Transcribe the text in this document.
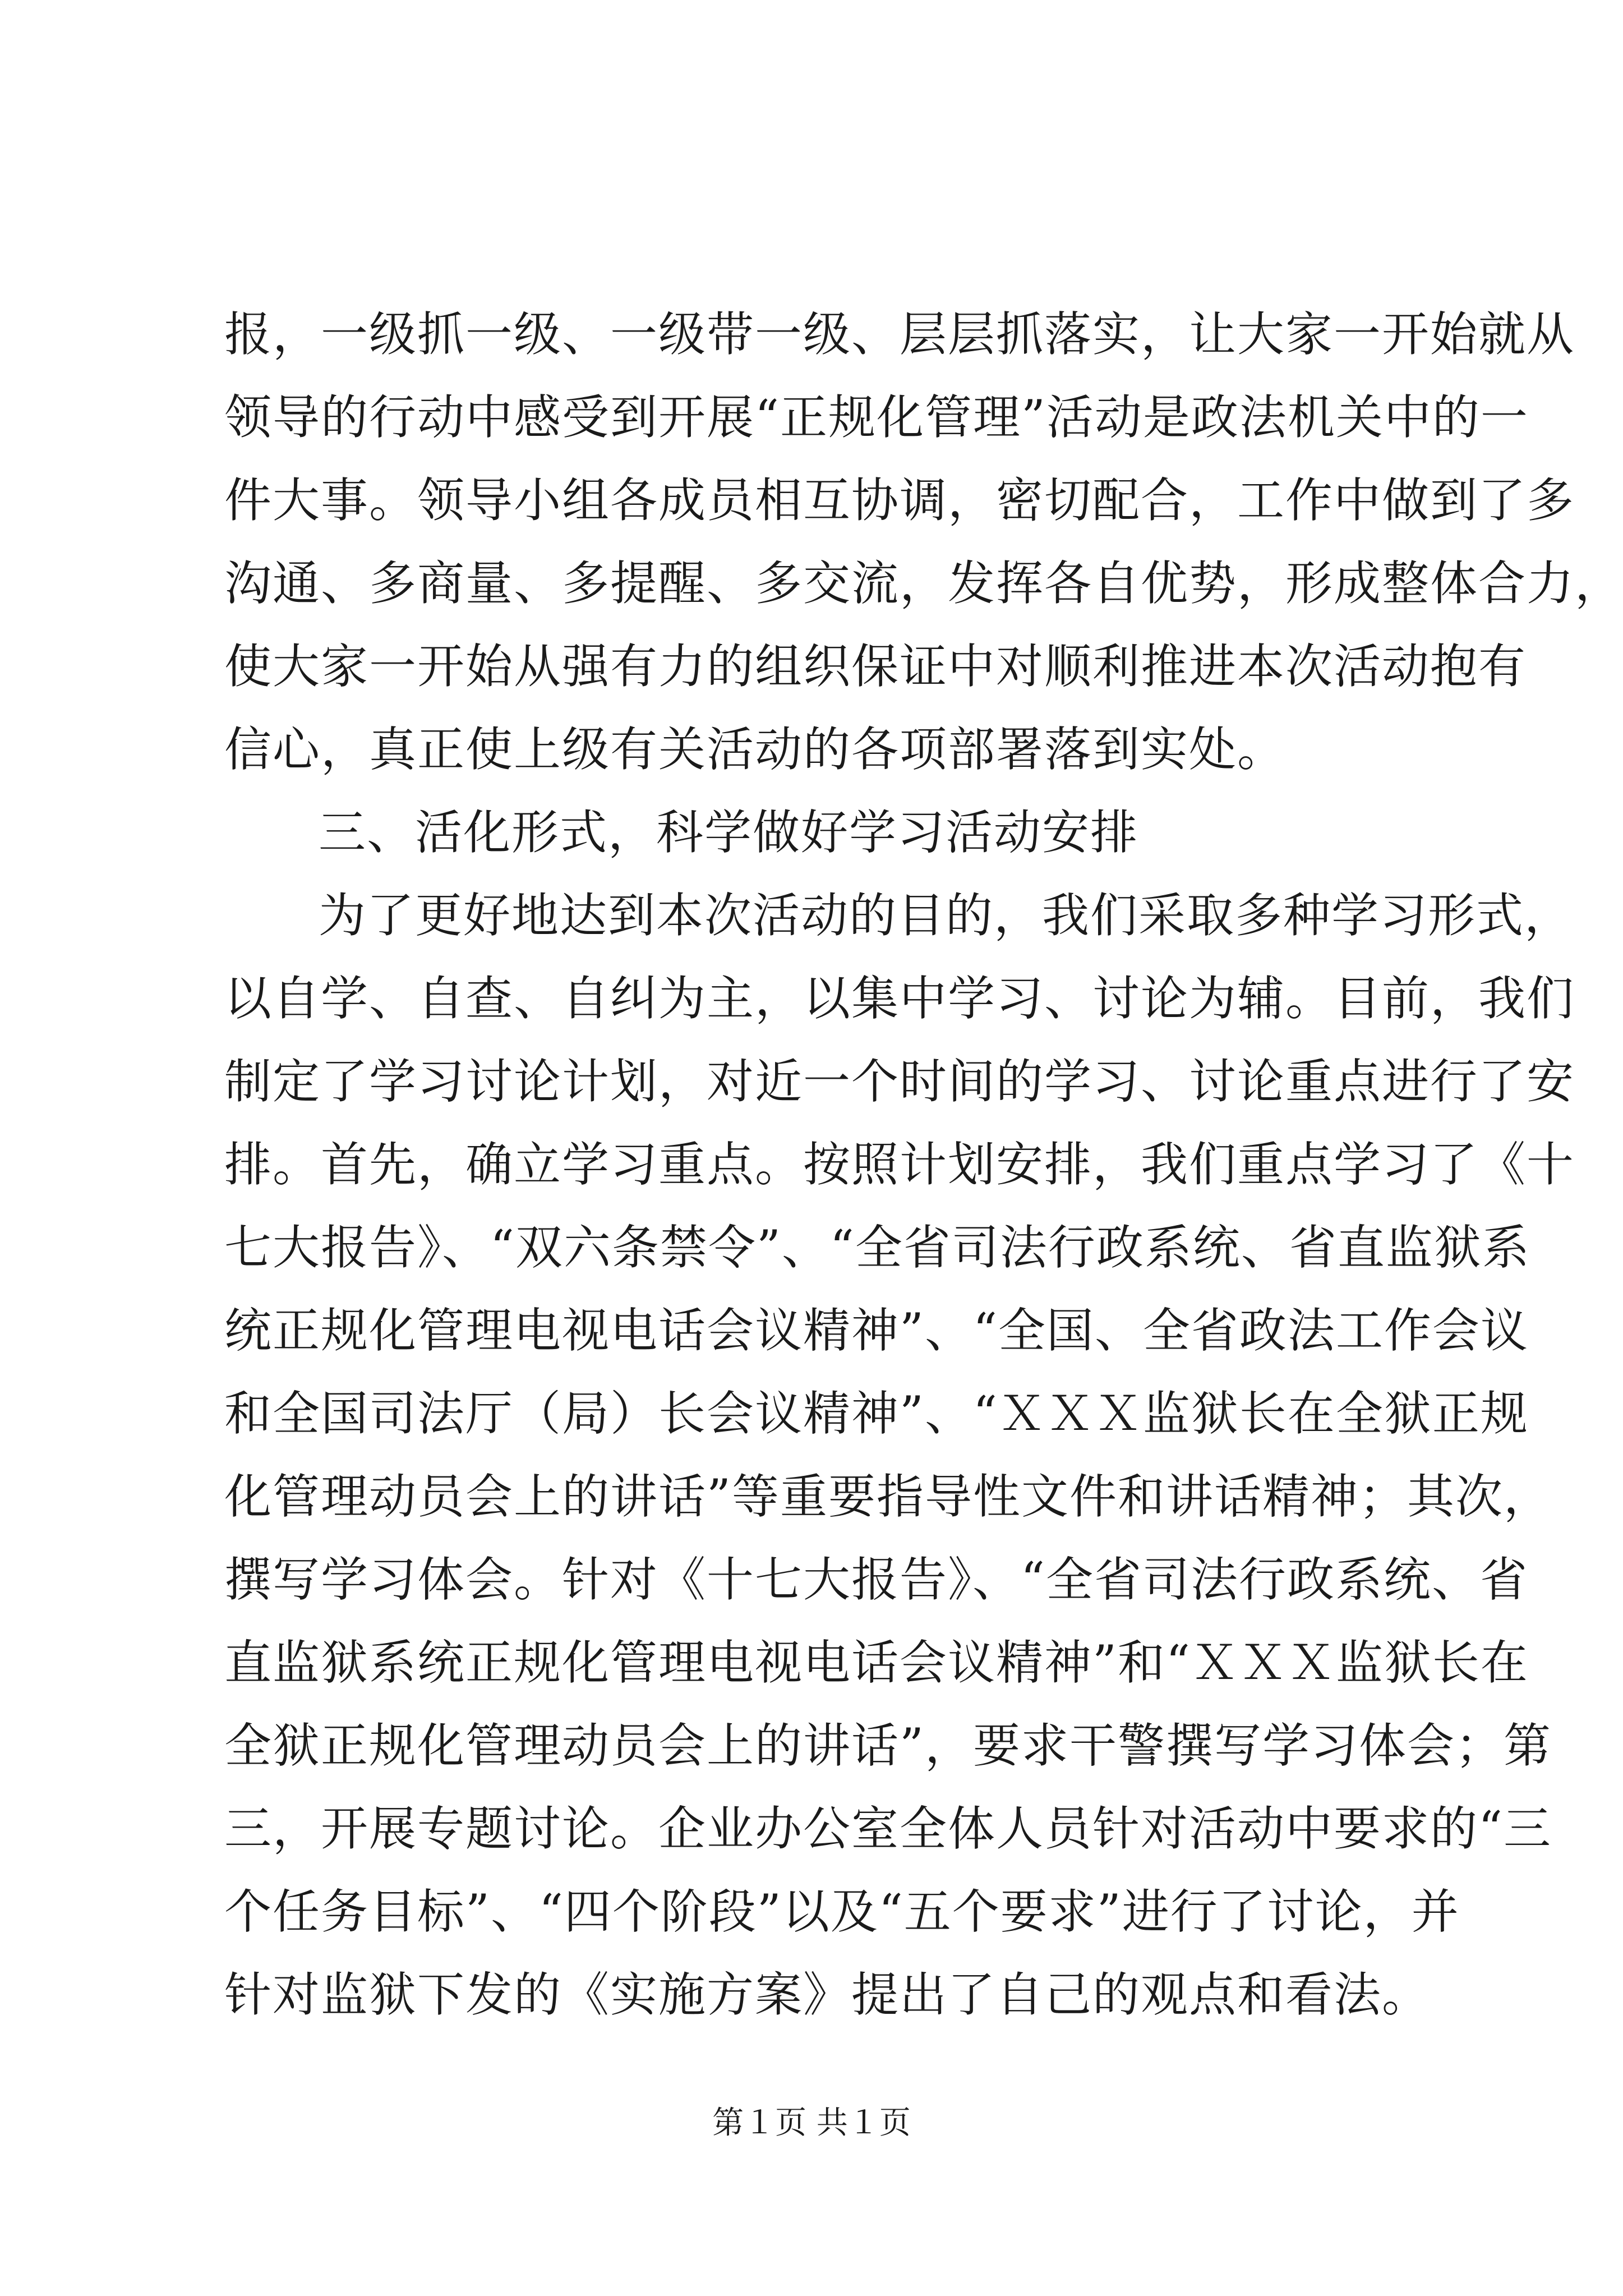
报，一级抓一级、一级带一级、层层抓落实，让大家一开始就从
领导的行动中感受到开展“正规化管理”活动是政法机关中的一
件大事。领导小组各成员相互协调，密切配合，工作中做到了多
沟通、多商量、多提醒、多交流，发挥各自优势，形成整体合力，
使大家一开始从强有力的组织保证中对顺利推进本次活动抱有
信心，真正使上级有关活动的各项部署落到实处。
三、活化形式，科学做好学习活动安排
为了更好地达到本次活动的目的，我们采取多种学习形式，
以自学、自查、自纠为主，以集中学习、讨论为辅。目前，我们
制定了学习讨论计划，对近一个时间的学习、讨论重点进行了安
排。首先，确立学习重点。按照计划安排，我们重点学习了《十
七大报告》、“双六条禁令”、“全省司法行政系统、省直监狱系
统正规化管理电视电话会议精神”、“全国、全省政法工作会议
和全国司法厅（局）长会议精神”、“ＸＸＸ监狱长在全狱正规
化管理动员会上的讲话”等重要指导性文件和讲话精神；其次，
撰写学习体会。针对《十七大报告》、“全省司法行政系统、省
直监狱系统正规化管理电视电话会议精神”和“ＸＸＸ监狱长在
全狱正规化管理动员会上的讲话”，要求干警撰写学习体会；第
三，开展专题讨论。企业办公室全体人员针对活动中要求的“三
个任务目标”、“四个阶段”以及“五个要求”进行了讨论，并
针对监狱下发的《实施方案》提出了自己的观点和看法。
第１页 共１页
